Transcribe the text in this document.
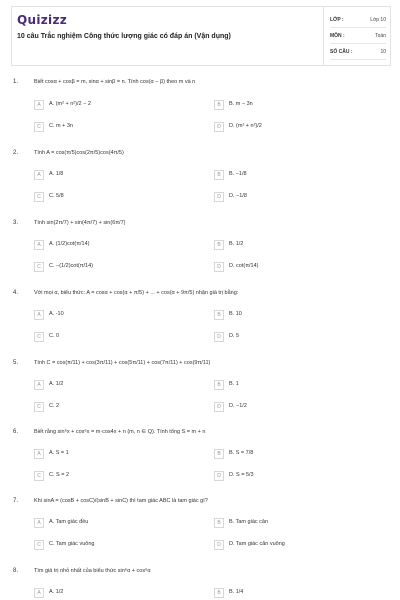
Quizizz
10 câu Trắc nghiệm Công thức lượng giác có đáp án (Vận dụng)
LỚP :	Lớp 10
MÔN :	Toán
SỐ CÂU :	10
1.	Biết cosα + cosβ = m, sinα + sinβ = n. Tính cos(α − β) theo m và n
A	A. (m² + n²)/2 − 2	B	B. m − 3n
C	C. m + 3n	D	D. (m² + n²)/2
2.	Tính A = cos(π/5)cos(2π/5)cos(4π/5)
A	A. 1/8	B	B. −1/8
C	C. 5/8	D	D. −1/8
3.	Tính sin(2π/7) + sin(4π/7) + sin(6π/7)
A	A. (1/2)cot(π/14)	B	B. 1/2
C	C. −(1/2)cot(π/14)	D	D. cot(π/14)
4.	Với mọi α, biểu thức: A = cosα + cos(α + π/5) + ... + cos(α + 9π/5) nhận giá trị bằng:
A	A. -10	B	B. 10
C	C. 0	D	D. 5
5.	Tính C = cos(π/11) + cos(3π/11) + cos(5π/11) + cos(7π/11) + cos(9π/11)
A	A. 1/2	B	B. 1
C	C. 2	D	D. −1/2
6.	Biết rằng sin⁶x + cos⁶x = m·cos4x + n (m, n ∈ Q). Tính tổng S = m + n
A	A. S = 1	B	B. S = 7/8
C	C. S = 2	D	D. S = 5/3
7.	Khi sinA = (cosB + cosC)/(sinB + sinC) thì tam giác ABC là tam giác gì?
A	A. Tam giác đều	B	B. Tam giác cân
C	C. Tam giác vuông	D	D. Tam giác cân vuông
8.	Tìm giá trị nhỏ nhất của biểu thức sin⁶α + cos⁶α
A	A. 1/2	B	B. 1/4
